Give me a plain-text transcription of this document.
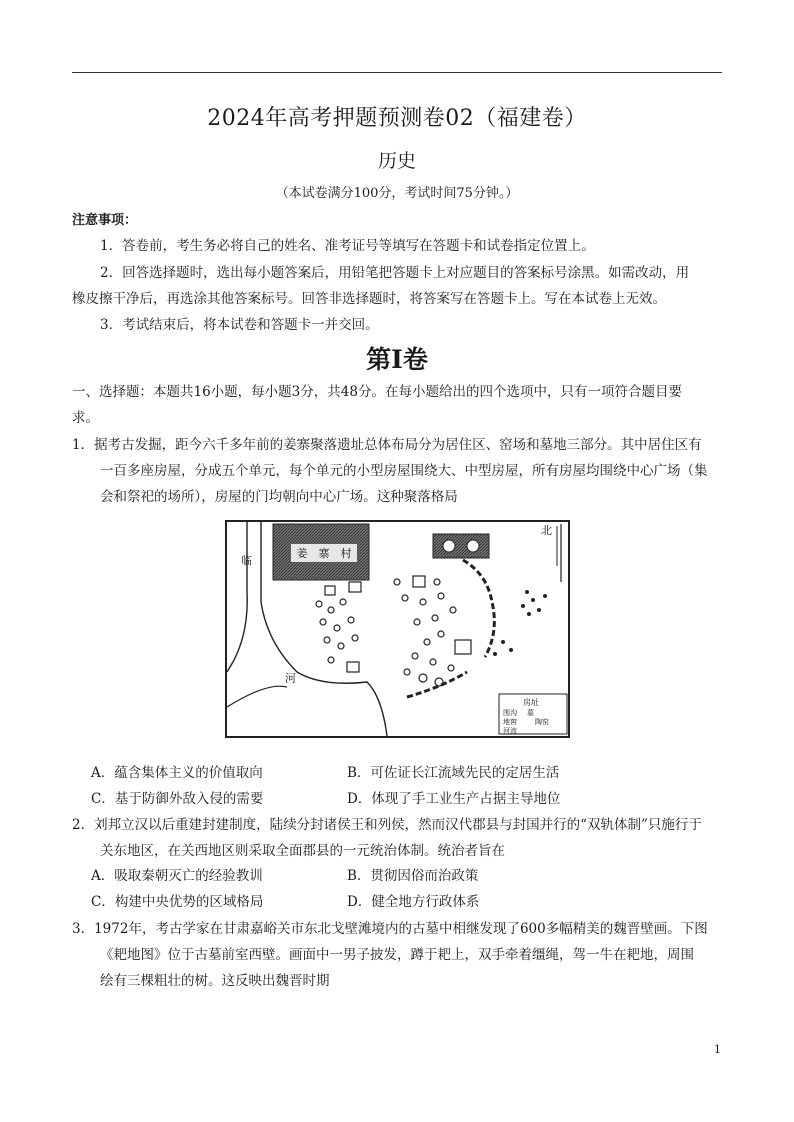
2024年高考押题预测卷02（福建卷）
历史
（本试卷满分100分，考试时间75分钟。）
注意事项：
1．答卷前，考生务必将自己的姓名、准考证号等填写在答题卡和试卷指定位置上。
2．回答选择题时，选出每小题答案后，用铅笔把答题卡上对应题目的答案标号涂黑。如需改动，用
橡皮擦干净后，再选涂其他答案标号。回答非选择题时，将答案写在答题卡上。写在本试卷上无效。
3．考试结束后，将本试卷和答题卡一并交回。
第Ⅰ卷
一、选择题：本题共16小题，每小题3分，共48分。在每小题给出的四个选项中，只有一项符合题目要
求。
1．据考古发掘，距今六千多年前的姜寨聚落遗址总体布局分为居住区、窑场和墓地三部分。其中居住区有
一百多座房屋，分成五个单元，每个单元的小型房屋围绕大、中型房屋，所有房屋均围绕中心广场（集
会和祭祀的场所），房屋的门均朝向中心广场。这种聚落格局
姜　寨　村
北
临
河
房址
围沟
地窖	陶窑
墓
河流
A．蕴含集体主义的价值取向	B．可佐证长江流域先民的定居生活
C．基于防御外敌入侵的需要	D．体现了手工业生产占据主导地位
2．刘邦立汉以后重建封建制度，陆续分封诸侯王和列侯，然而汉代郡县与封国并行的“双轨体制”只施行于
关东地区，在关西地区则采取全面郡县的一元统治体制。统治者旨在
A．吸取秦朝灭亡的经验教训	B．贯彻因俗而治政策
C．构建中央优势的区域格局	D．健全地方行政体系
3．1972年，考古学家在甘肃嘉峪关市东北戈壁滩境内的古墓中相继发现了600多幅精美的魏晋壁画。下图
《耙地图》位于古墓前室西壁。画面中一男子披发，蹲于耙上，双手牵着缰绳，驾一牛在耙地，周围
绘有三棵粗壮的树。这反映出魏晋时期
1
